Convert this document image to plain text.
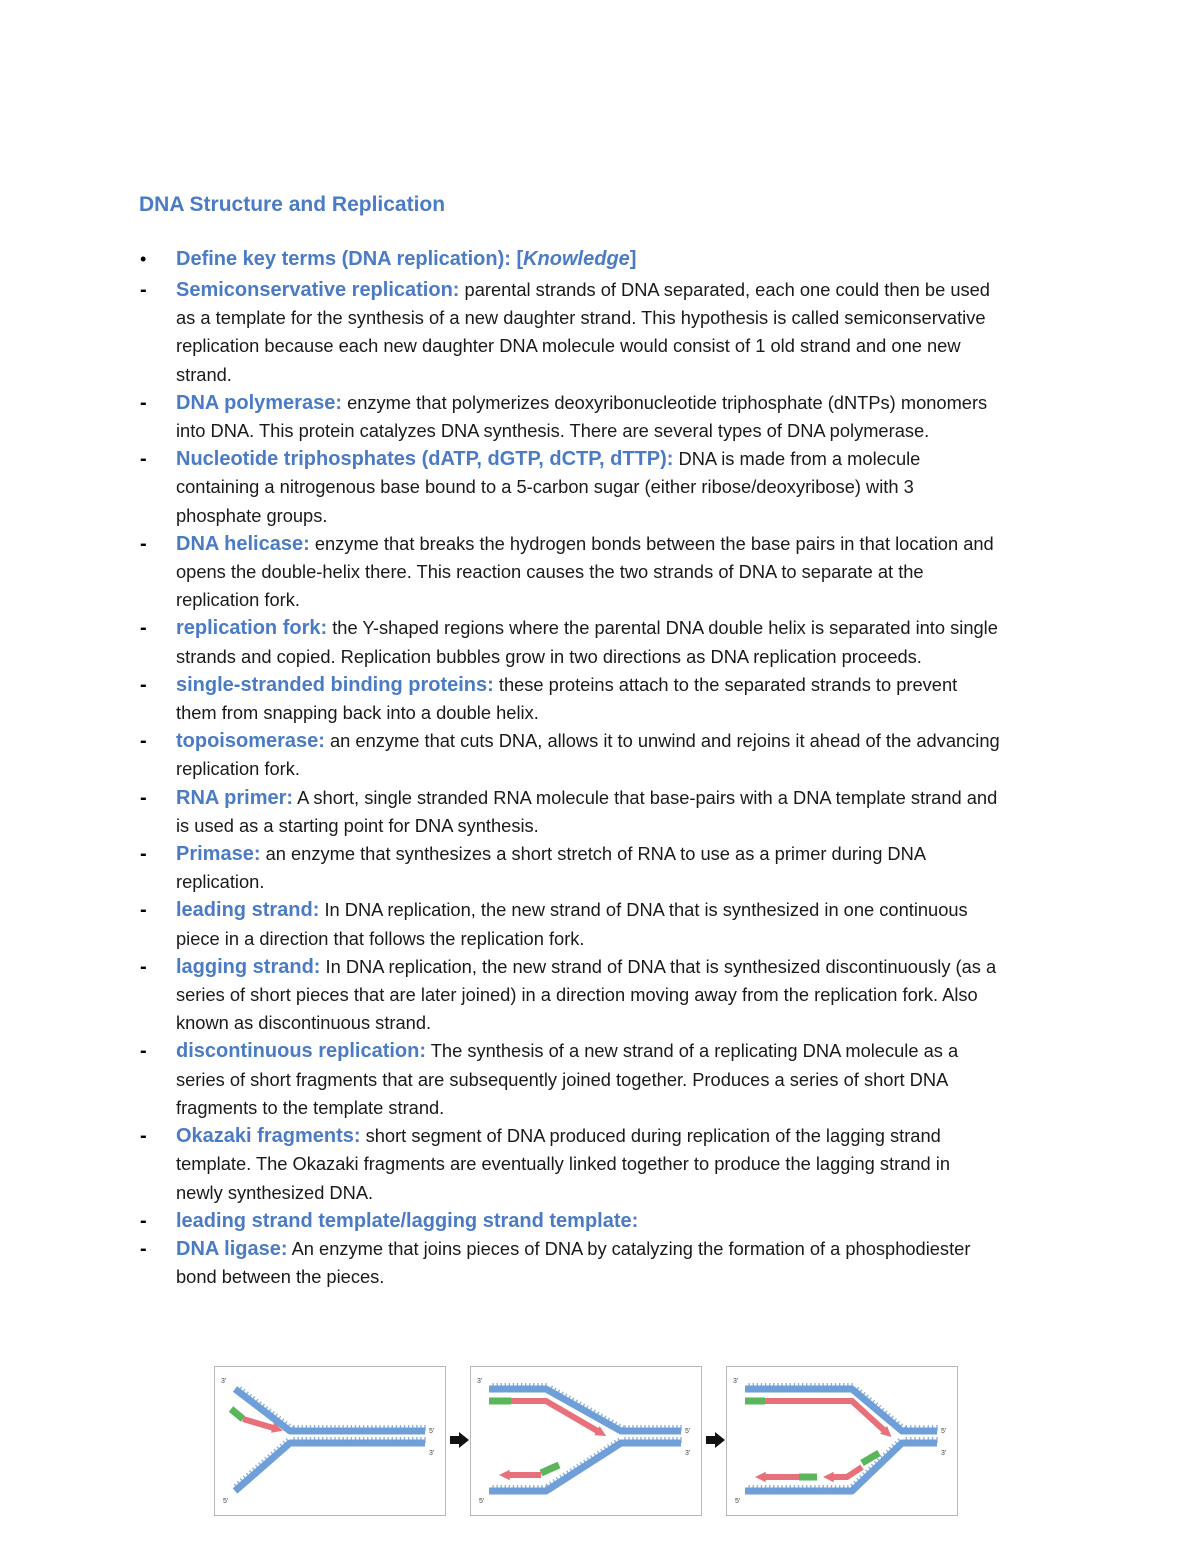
DNA Structure and Replication
• Define key terms (DNA replication): [Knowledge]
- Semiconservative replication: parental strands of DNA separated, each one could then be used as a template for the synthesis of a new daughter strand. This hypothesis is called semiconservative replication because each new daughter DNA molecule would consist of 1 old strand and one new strand.
- DNA polymerase: enzyme that polymerizes deoxyribonucleotide triphosphate (dNTPs) monomers into DNA. This protein catalyzes DNA synthesis. There are several types of DNA polymerase.
- Nucleotide triphosphates (dATP, dGTP, dCTP, dTTP): DNA is made from a molecule containing a nitrogenous base bound to a 5-carbon sugar (either ribose/deoxyribose) with 3 phosphate groups.
- DNA helicase: enzyme that breaks the hydrogen bonds between the base pairs in that location and opens the double-helix there. This reaction causes the two strands of DNA to separate at the replication fork.
- replication fork: the Y-shaped regions where the parental DNA double helix is separated into single strands and copied. Replication bubbles grow in two directions as DNA replication proceeds.
- single-stranded binding proteins: these proteins attach to the separated strands to prevent them from snapping back into a double helix.
- topoisomerase: an enzyme that cuts DNA, allows it to unwind and rejoins it ahead of the advancing replication fork.
- RNA primer: A short, single stranded RNA molecule that base-pairs with a DNA template strand and is used as a starting point for DNA synthesis.
- Primase: an enzyme that synthesizes a short stretch of RNA to use as a primer during DNA replication.
- leading strand: In DNA replication, the new strand of DNA that is synthesized in one continuous piece in a direction that follows the replication fork.
- lagging strand: In DNA replication, the new strand of DNA that is synthesized discontinuously (as a series of short pieces that are later joined) in a direction moving away from the replication fork. Also known as discontinuous strand.
- discontinuous replication: The synthesis of a new strand of a replicating DNA molecule as a series of short fragments that are subsequently joined together. Produces a series of short DNA fragments to the template strand.
- Okazaki fragments: short segment of DNA produced during replication of the lagging strand template. The Okazaki fragments are eventually linked together to produce the lagging strand in newly synthesized DNA.
- leading strand template/lagging strand template:
- DNA ligase: An enzyme that joins pieces of DNA by catalyzing the formation of a phosphodiester bond between the pieces.
3'
5'
3'
5'
3'
5'
3'
5'
3'
5'
3'
5'
